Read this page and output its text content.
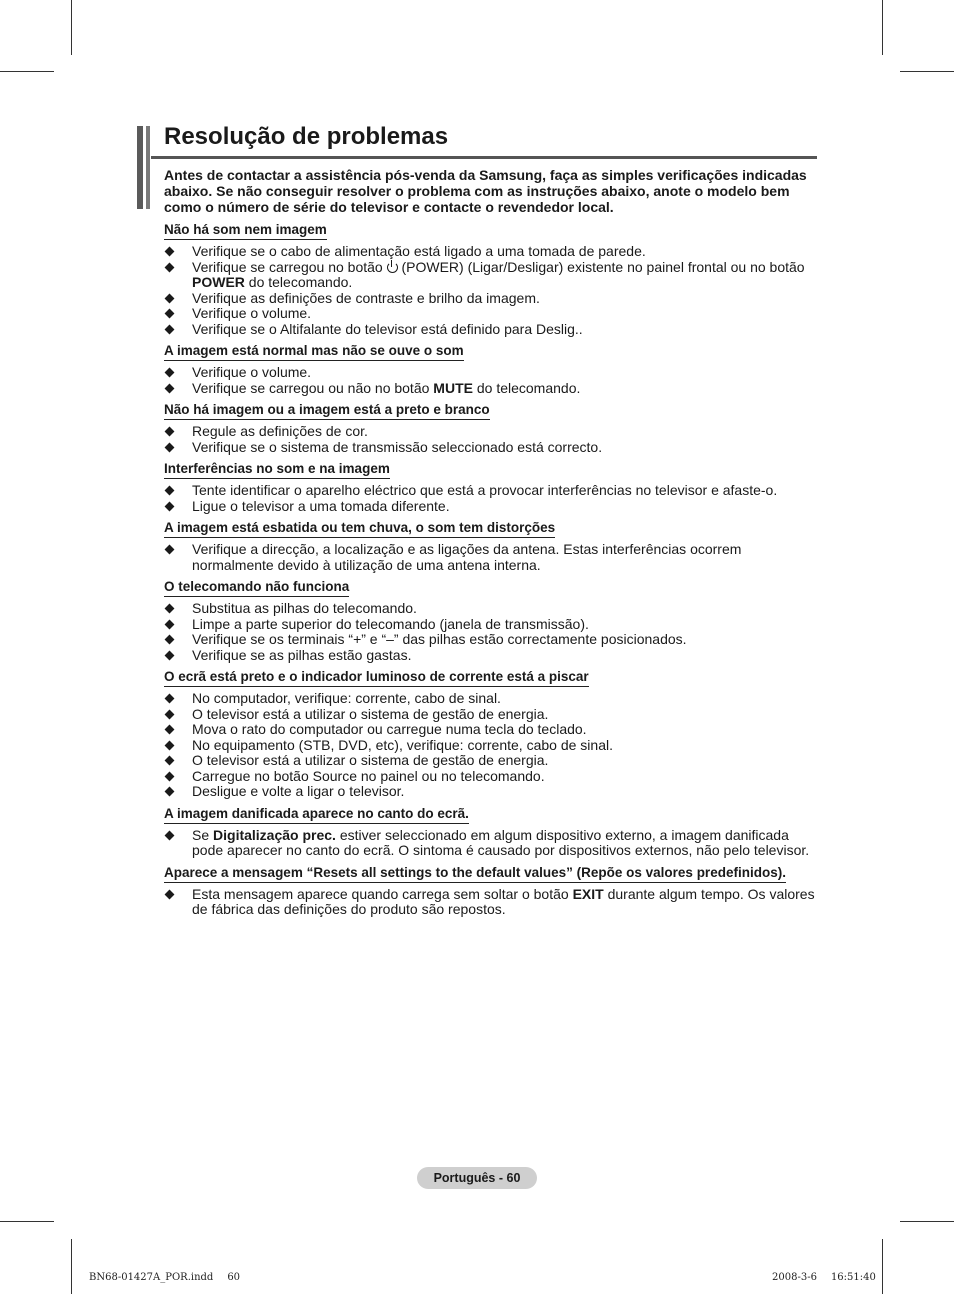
Resolução de problemas

Antes de contactar a assistência pós-venda da Samsung, faça as simples verificações indicadas abaixo. Se não conseguir resolver o problema com as instruções abaixo, anote o modelo bem como o número de série do televisor e contacte o revendedor local.

Não há som nem imagem
Verifique se o cabo de alimentação está ligado a uma tomada de parede.
Verifique se carregou no botão (POWER) (Ligar/Desligar) existente no painel frontal ou no botão POWER do telecomando.
Verifique as definições de contraste e brilho da imagem.
Verifique o volume.
Verifique se o Altifalante do televisor está definido para Deslig..
A imagem está normal mas não se ouve o som
Verifique o volume.
Verifique se carregou ou não no botão MUTE do telecomando.
Não há imagem ou a imagem está a preto e branco
Regule as definições de cor.
Verifique se o sistema de transmissão seleccionado está correcto.
Interferências no som e na imagem
Tente identificar o aparelho eléctrico que está a provocar interferências no televisor e afaste-o.
Ligue o televisor a uma tomada diferente.
A imagem está esbatida ou tem chuva, o som tem distorções
Verifique a direcção, a localização e as ligações da antena. Estas interferências ocorrem normalmente devido à utilização de uma antena interna.
O telecomando não funciona
Substitua as pilhas do telecomando.
Limpe a parte superior do telecomando (janela de transmissão).
Verifique se os terminais “+” e “–” das pilhas estão correctamente posicionados.
Verifique se as pilhas estão gastas.
O ecrã está preto e o indicador luminoso de corrente está a piscar
No computador, verifique: corrente, cabo de sinal.
O televisor está a utilizar o sistema de gestão de energia.
Mova o rato do computador ou carregue numa tecla do teclado.
No equipamento (STB, DVD, etc), verifique: corrente, cabo de sinal.
O televisor está a utilizar o sistema de gestão de energia.
Carregue no botão Source no painel ou no telecomando.
Desligue e volte a ligar o televisor.
A imagem danificada aparece no canto do ecrã.
Se Digitalização prec. estiver seleccionado em algum dispositivo externo, a imagem danificada pode aparecer no canto do ecrã. O sintoma é causado por dispositivos externos, não pelo televisor.
Aparece a mensagem “Resets all settings to the default values” (Repõe os valores predefinidos).
Esta mensagem aparece quando carrega sem soltar o botão EXIT durante algum tempo. Os valores de fábrica das definições do produto são repostos.
Português - 60
BN68-01427A_POR.indd 60	2008-3-6 16:51:40
